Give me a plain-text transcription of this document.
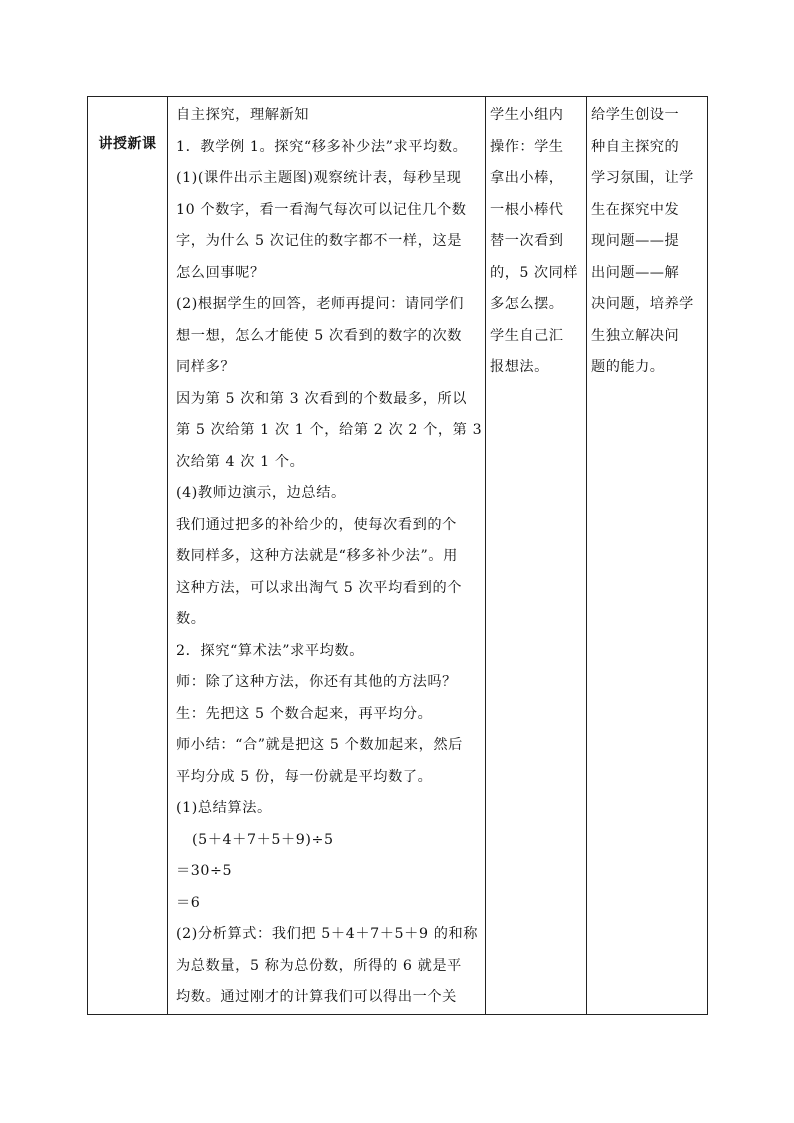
讲授新课

自主探究，理解新知
1．教学例 1。探究“移多补少法”求平均数。
(1)(课件出示主题图)观察统计表，每秒呈现
10 个数字，看一看淘气每次可以记住几个数
字，为什么 5 次记住的数字都不一样，这是
怎么回事呢？
(2)根据学生的回答，老师再提问：请同学们
想一想，怎么才能使 5 次看到的数字的次数
同样多？
因为第 5 次和第 3 次看到的个数最多，所以
第 5 次给第 1 次 1 个，给第 2 次 2 个，第 3
次给第 4 次 1 个。
(4)教师边演示，边总结。
我们通过把多的补给少的，使每次看到的个
数同样多，这种方法就是“移多补少法”。用
这种方法，可以求出淘气 5 次平均看到的个
数。
2．探究“算术法”求平均数。
师：除了这种方法，你还有其他的方法吗？
生：先把这 5 个数合起来，再平均分。
师小结：“合”就是把这 5 个数加起来，然后
平均分成 5 份，每一份就是平均数了。
(1)总结算法。
(5＋4＋7＋5＋9)÷5
＝30÷5
＝6
(2)分析算式：我们把 5＋4＋7＋5＋9 的和称
为总数量，5 称为总份数，所得的 6 就是平
均数。通过刚才的计算我们可以得出一个关

学生小组内
操作：学生
拿出小棒，
一根小棒代
替一次看到
的，5 次同样
多怎么摆。
学生自己汇
报想法。

给学生创设一
种自主探究的
学习氛围，让学
生在探究中发
现问题——提
出问题——解
决问题，培养学
生独立解决问
题的能力。
